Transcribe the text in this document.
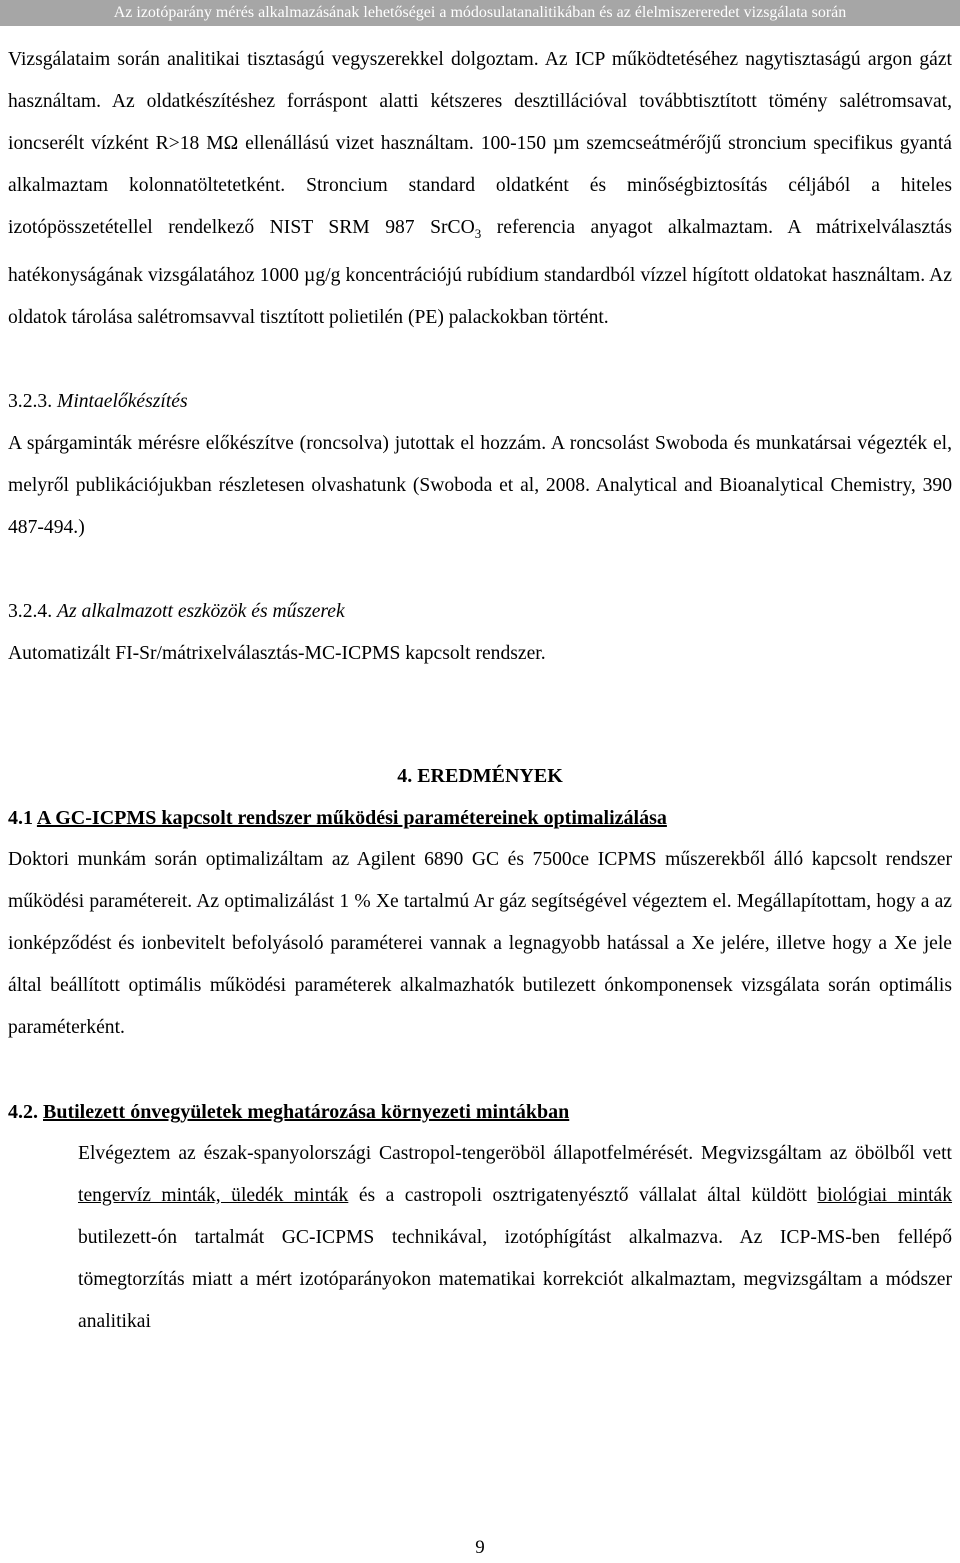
Az izotóparány mérés alkalmazásának lehetőségei a módosulatanalitikában és az élelmiszereredet vizsgálata során

Vizsgálataim során analitikai tisztaságú vegyszerekkel dolgoztam. Az ICP működtetéséhez nagytisztaságú argon gázt használtam. Az oldatkészítéshez forráspont alatti kétszeres desztillációval továbbtisztított tömény salétromsavat, ioncserélt vízként R>18 MΩ ellenállású vizet használtam. 100-150 µm szemcseátmérőjű stroncium specifikus gyantá alkalmaztam kolonnatöltetetként. Stroncium standard oldatként és minőségbiztosítás céljából a hiteles izotópösszetétellel rendelkező NIST SRM 987 SrCO$_3$ referencia anyagot alkalmaztam. A mátrixelválasztás hatékonyságának vizsgálatához 1000 µg/g koncentrációjú rubídium standardból vízzel hígított oldatokat használtam. Az oldatok tárolása salétromsavval tisztított polietilén (PE) palackokban történt.

3.2.3. Mintaelőkészítés

A spárgaminták mérésre előkészítve (roncsolva) jutottak el hozzám. A roncsolást Swoboda és munkatársai végezték el, melyről publikációjukban részletesen olvashatunk (Swoboda et al, 2008. Analytical and Bioanalytical Chemistry, 390 487-494.)

3.2.4. Az alkalmazott eszközök és műszerek

Automatizált FI-Sr/mátrixelválasztás-MC-ICPMS kapcsolt rendszer.

4. EREDMÉNYEK
4.1 A GC-ICPMS kapcsolt rendszer működési paramétereinek optimalizálása

Doktori munkám során optimalizáltam az Agilent 6890 GC és 7500ce ICPMS műszerekből álló kapcsolt rendszer működési paramétereit. Az optimalizálást 1 % Xe tartalmú Ar gáz segítségével végeztem el. Megállapítottam, hogy a az ionképződést és ionbevitelt befolyásoló paraméterei vannak a legnagyobb hatással a Xe jelére, illetve hogy a Xe jele által beállított optimális működési paraméterek alkalmazhatók butilezett ónkomponensek vizsgálata során optimális paraméterként.

4.2. Butilezett ónvegyületek meghatározása környezeti mintákban

Elvégeztem az észak-spanyolországi Castropol-tengeröböl állapotfelmérését. Megvizsgáltam az öbölből vett tengervíz minták, üledék minták és a castropoli osztrigatenyésztő vállalat által küldött biológiai minták butilezett-ón tartalmát GC-ICPMS technikával, izotóphígítást alkalmazva. Az ICP-MS-ben fellépő tömegtorzítás miatt a mért izotóparányokon matematikai korrekciót alkalmaztam, megvizsgáltam a módszer analitikai

9
